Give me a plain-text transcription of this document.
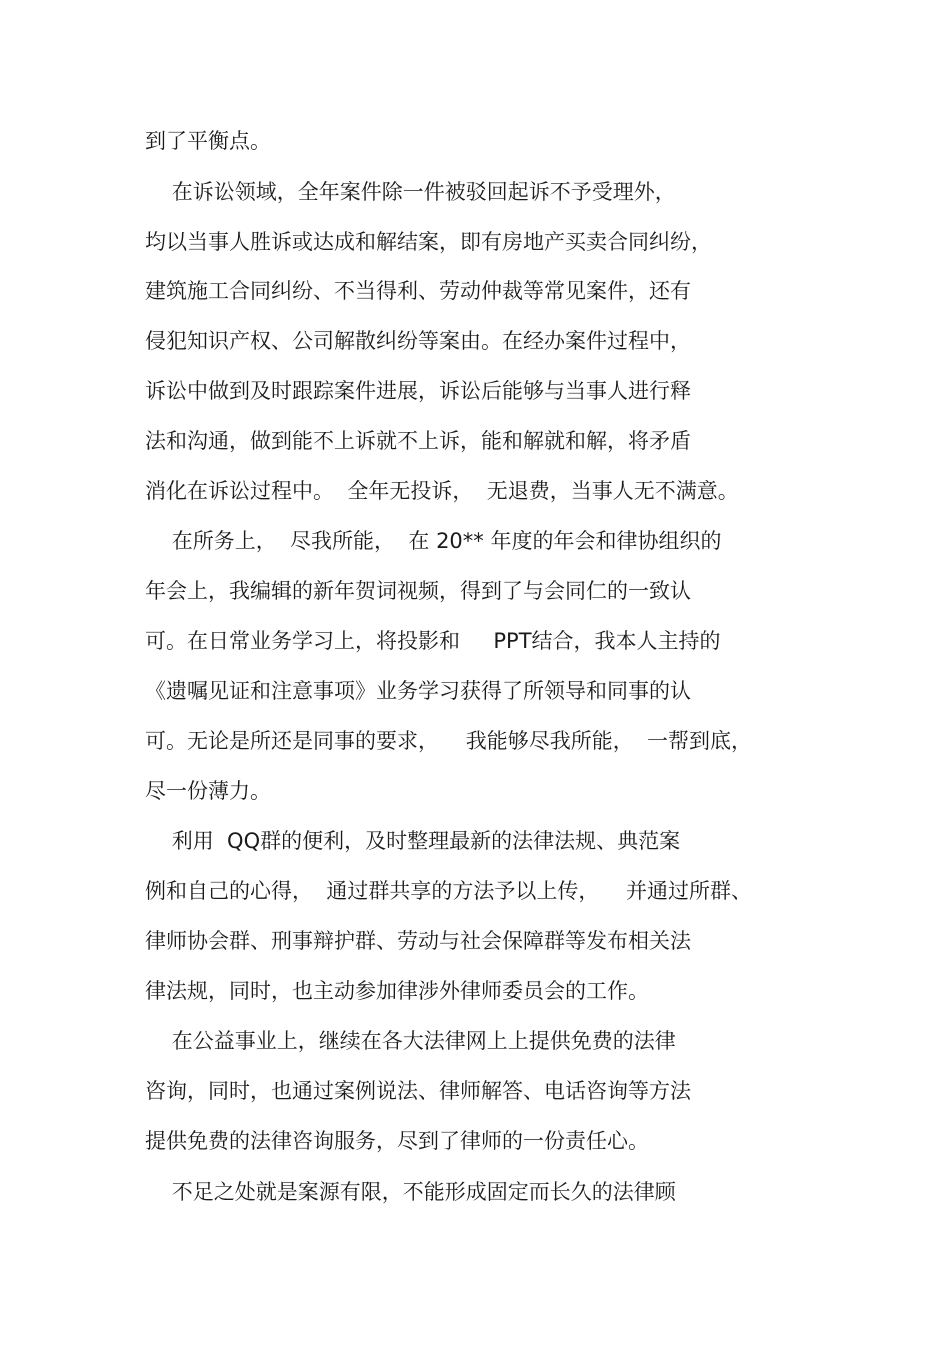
到了平衡点。
在诉讼领域，全年案件除一件被驳回起诉不予受理外，
均以当事人胜诉或达成和解结案，即有房地产买卖合同纠纷，
建筑施工合同纠纷、不当得利、劳动仲裁等常见案件，还有
侵犯知识产权、公司解散纠纷等案由。在经办案件过程中，
诉讼中做到及时跟踪案件进展，诉讼后能够与当事人进行释
法和沟通，做到能不上诉就不上诉，能和解就和解，将矛盾
消化在诉讼过程中。  全年无投诉，  无退费，当事人无不满意。
在所务上，  尽我所能，  在 20** 年度的年会和律协组织的
年会上，我编辑的新年贺词视频，得到了与会同仁的一致认
可。在日常业务学习上，将投影和     PPT结合，我本人主持的
《遗嘱见证和注意事项》业务学习获得了所领导和同事的认
可。无论是所还是同事的要求，    我能够尽我所能，  一帮到底，
尽一份薄力。
利用  QQ群的便利，及时整理最新的法律法规、典范案
例和自己的心得，  通过群共享的方法予以上传，    并通过所群、
律师协会群、刑事辩护群、劳动与社会保障群等发布相关法
律法规，同时，也主动参加律涉外律师委员会的工作。
在公益事业上，继续在各大法律网上上提供免费的法律
咨询，同时，也通过案例说法、律师解答、电话咨询等方法
提供免费的法律咨询服务，尽到了律师的一份责任心。
不足之处就是案源有限，不能形成固定而长久的法律顾
